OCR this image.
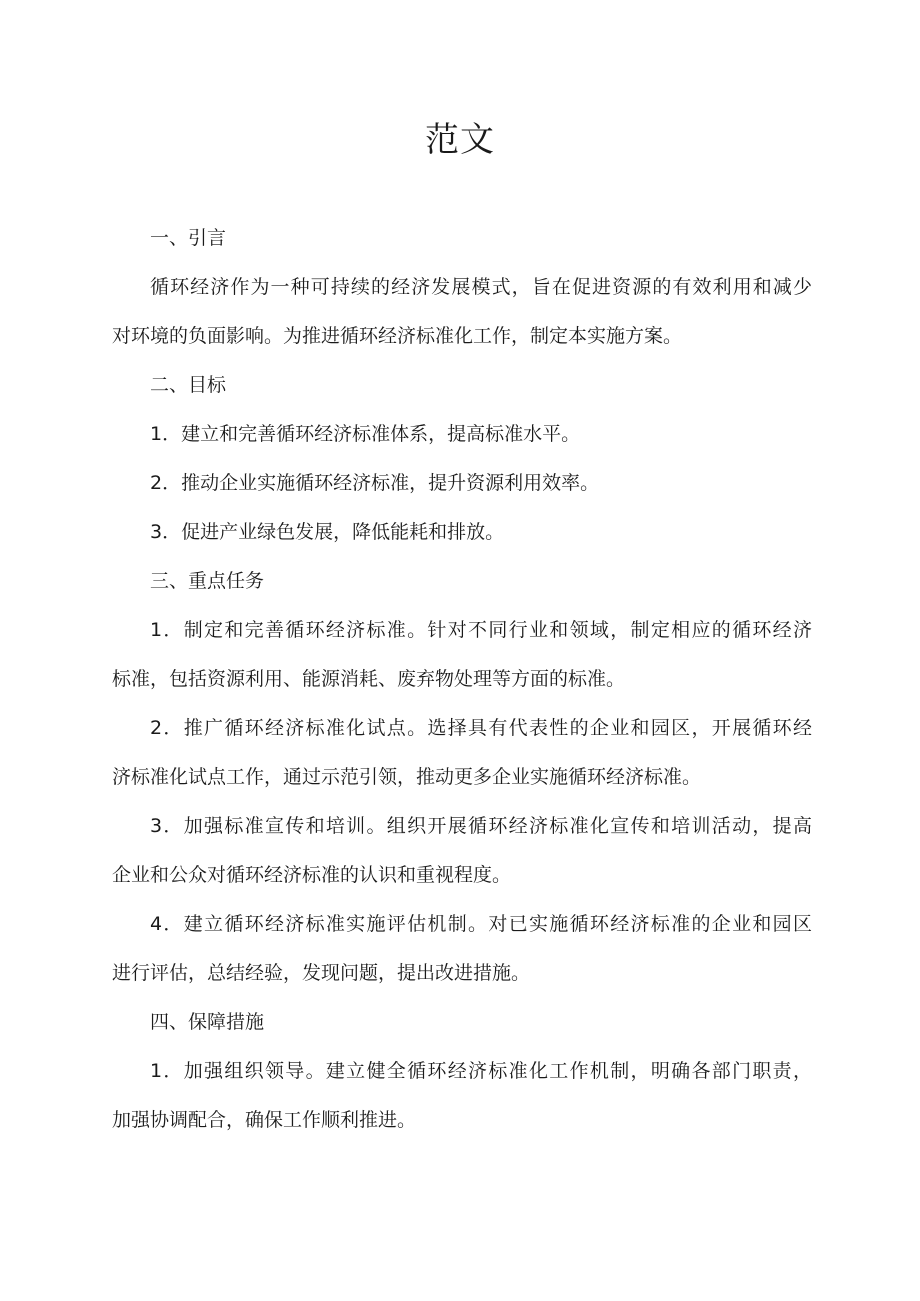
范文
一、引言
循环经济作为一种可持续的经济发展模式，旨在促进资源的有效利用和减少
对环境的负面影响。为推进循环经济标准化工作，制定本实施方案。
二、目标
1．建立和完善循环经济标准体系，提高标准水平。
2．推动企业实施循环经济标准，提升资源利用效率。
3．促进产业绿色发展，降低能耗和排放。
三、重点任务
1．制定和完善循环经济标准。针对不同行业和领域，制定相应的循环经济
标准，包括资源利用、能源消耗、废弃物处理等方面的标准。
2．推广循环经济标准化试点。选择具有代表性的企业和园区，开展循环经
济标准化试点工作，通过示范引领，推动更多企业实施循环经济标准。
3．加强标准宣传和培训。组织开展循环经济标准化宣传和培训活动，提高
企业和公众对循环经济标准的认识和重视程度。
4．建立循环经济标准实施评估机制。对已实施循环经济标准的企业和园区
进行评估，总结经验，发现问题，提出改进措施。
四、保障措施
1．加强组织领导。建立健全循环经济标准化工作机制，明确各部门职责，
加强协调配合，确保工作顺利推进。
